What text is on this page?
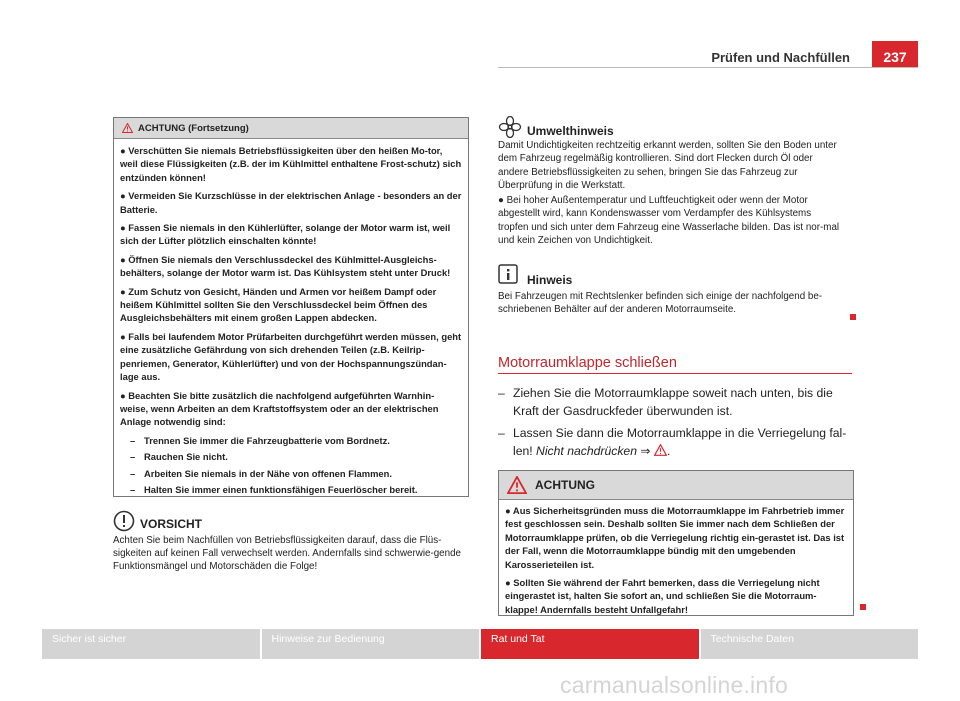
Prüfen und Nachfüllen	237
ACHTUNG (Fortsetzung)

● Verschütten Sie niemals Betriebsflüssigkeiten über den heißen Mo-tor, weil diese Flüssigkeiten (z.B. der im Kühlmittel enthaltene Frost-schutz) sich entzünden können!

● Vermeiden Sie Kurzschlüsse in der elektrischen Anlage - besonders an der Batterie.

● Fassen Sie niemals in den Kühlerlüfter, solange der Motor warm ist, weil sich der Lüfter plötzlich einschalten könnte!

● Öffnen Sie niemals den Verschlussdeckel des Kühlmittel-Ausgleichs-behälters, solange der Motor warm ist. Das Kühlsystem steht unter Druck!

● Zum Schutz von Gesicht, Händen und Armen vor heißem Dampf oder heißem Kühlmittel sollten Sie den Verschlussdeckel beim Öffnen des Ausgleichsbehälters mit einem großen Lappen abdecken.

● Falls bei laufendem Motor Prüfarbeiten durchgeführt werden müssen, geht eine zusätzliche Gefährdung von sich drehenden Teilen (z.B. Keilrip-penriemen, Generator, Kühlerlüfter) und von der Hochspannungszündan-lage aus.

● Beachten Sie bitte zusätzlich die nachfolgend aufgeführten Warnhin-weise, wenn Arbeiten an dem Kraftstoffsystem oder an der elektrischen Anlage notwendig sind:

– Trennen Sie immer die Fahrzeugbatterie vom Bordnetz.
– Rauchen Sie nicht.
– Arbeiten Sie niemals in der Nähe von offenen Flammen.
– Halten Sie immer einen funktionsfähigen Feuerlöscher bereit.
VORSICHT
Achten Sie beim Nachfüllen von Betriebsflüssigkeiten darauf, dass die Flüs-sigkeiten auf keinen Fall verwechselt werden. Andernfalls sind schwerwie-gende Funktionsmängel und Motorschäden die Folge!
Umwelthinweis
Damit Undichtigkeiten rechtzeitig erkannt werden, sollten Sie den Boden unter dem Fahrzeug regelmäßig kontrollieren. Sind dort Flecken durch Öl oder andere Betriebsflüssigkeiten zu sehen, bringen Sie das Fahrzeug zur Überprüfung in die Werkstatt.
● Bei hoher Außentemperatur und Luftfeuchtigkeit oder wenn der Motor abgestellt wird, kann Kondenswasser vom Verdampfer des Kühlsystems tropfen und sich unter dem Fahrzeug eine Wasserlache bilden. Das ist nor-mal und kein Zeichen von Undichtigkeit.
Hinweis
Bei Fahrzeugen mit Rechtslenker befinden sich einige der nachfolgend be-schriebenen Behälter auf der anderen Motorraumseite.
Motorraumklappe schließen
– Ziehen Sie die Motorraumklappe soweit nach unten, bis die Kraft der Gasdruckfeder überwunden ist.
– Lassen Sie dann die Motorraumklappe in die Verriegelung fal-len! Nicht nachdrücken ⇒ .
ACHTUNG

● Aus Sicherheitsgründen muss die Motorraumklappe im Fahrbetrieb immer fest geschlossen sein. Deshalb sollten Sie immer nach dem Schließen der Motorraumklappe prüfen, ob die Verriegelung richtig ein-gerastet ist. Das ist der Fall, wenn die Motorraumklappe bündig mit den umgebenden Karosserieteilen ist.

● Sollten Sie während der Fahrt bemerken, dass die Verriegelung nicht eingerastet ist, halten Sie sofort an, und schließen Sie die Motorraum-klappe! Andernfalls besteht Unfallgefahr!

Sicher ist sicher	Hinweise zur Bedienung	Rat und Tat	Technische Daten
carmanualsonline.info
